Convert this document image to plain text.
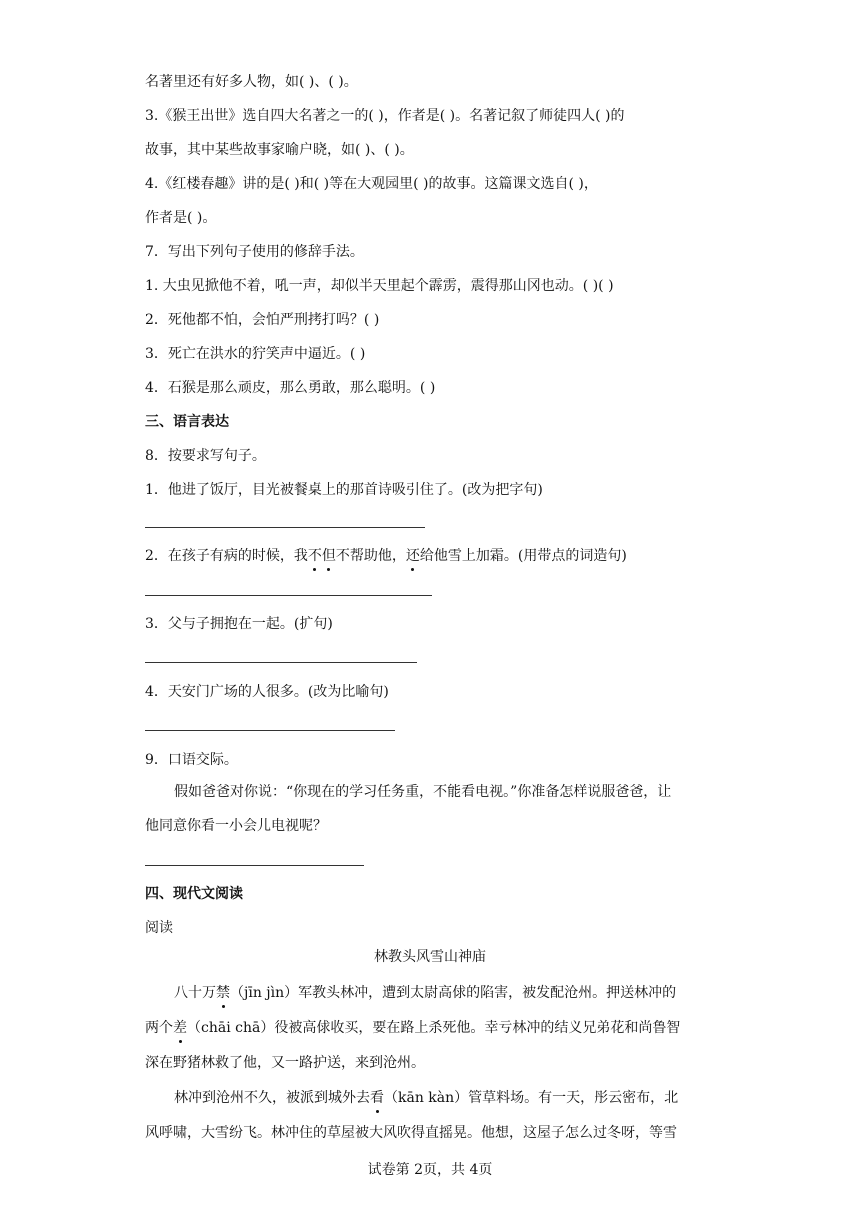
名著里还有好多人物，如( )、( )。
3.《猴王出世》选自四大名著之一的( )，作者是( )。名著记叙了师徒四人( )的
故事，其中某些故事家喻户晓，如( )、( )。
4.《红楼春趣》讲的是( )和( )等在大观园里( )的故事。这篇课文选自( )，
作者是( )。
7．写出下列句子使用的修辞手法。
1. 大虫见掀他不着，吼一声，却似半天里起个霹雳，震得那山冈也动。( )( )
2．死他都不怕，会怕严刑拷打吗？( )
3．死亡在洪水的狞笑声中逼近。( )
4．石猴是那么顽皮，那么勇敢，那么聪明。( )
三、语言表达
8．按要求写句子。
1．他进了饭厅，目光被餐桌上的那首诗吸引住了。(改为把字句)
2．在孩子有病的时候，我不但不帮助他，还给他雪上加霜。(用带点的词造句)
3．父与子拥抱在一起。(扩句)
4．天安门广场的人很多。(改为比喻句)
9．口语交际。
假如爸爸对你说：“你现在的学习任务重，不能看电视。”你准备怎样说服爸爸，让
他同意你看一小会儿电视呢？
四、现代文阅读
阅读
林教头风雪山神庙
八十万禁（jīn jìn）军教头林冲，遭到太尉高俅的陷害，被发配沧州。押送林冲的
两个差（chāi chā）役被高俅收买，要在路上杀死他。幸亏林冲的结义兄弟花和尚鲁智
深在野猪林救了他，又一路护送，来到沧州。
林冲到沧州不久，被派到城外去看（kān kàn）管草料场。有一天，彤云密布，北
风呼啸，大雪纷飞。林冲住的草屋被大风吹得直摇晃。他想，这屋子怎么过冬呀，等雪
试卷第 2页，共 4页
